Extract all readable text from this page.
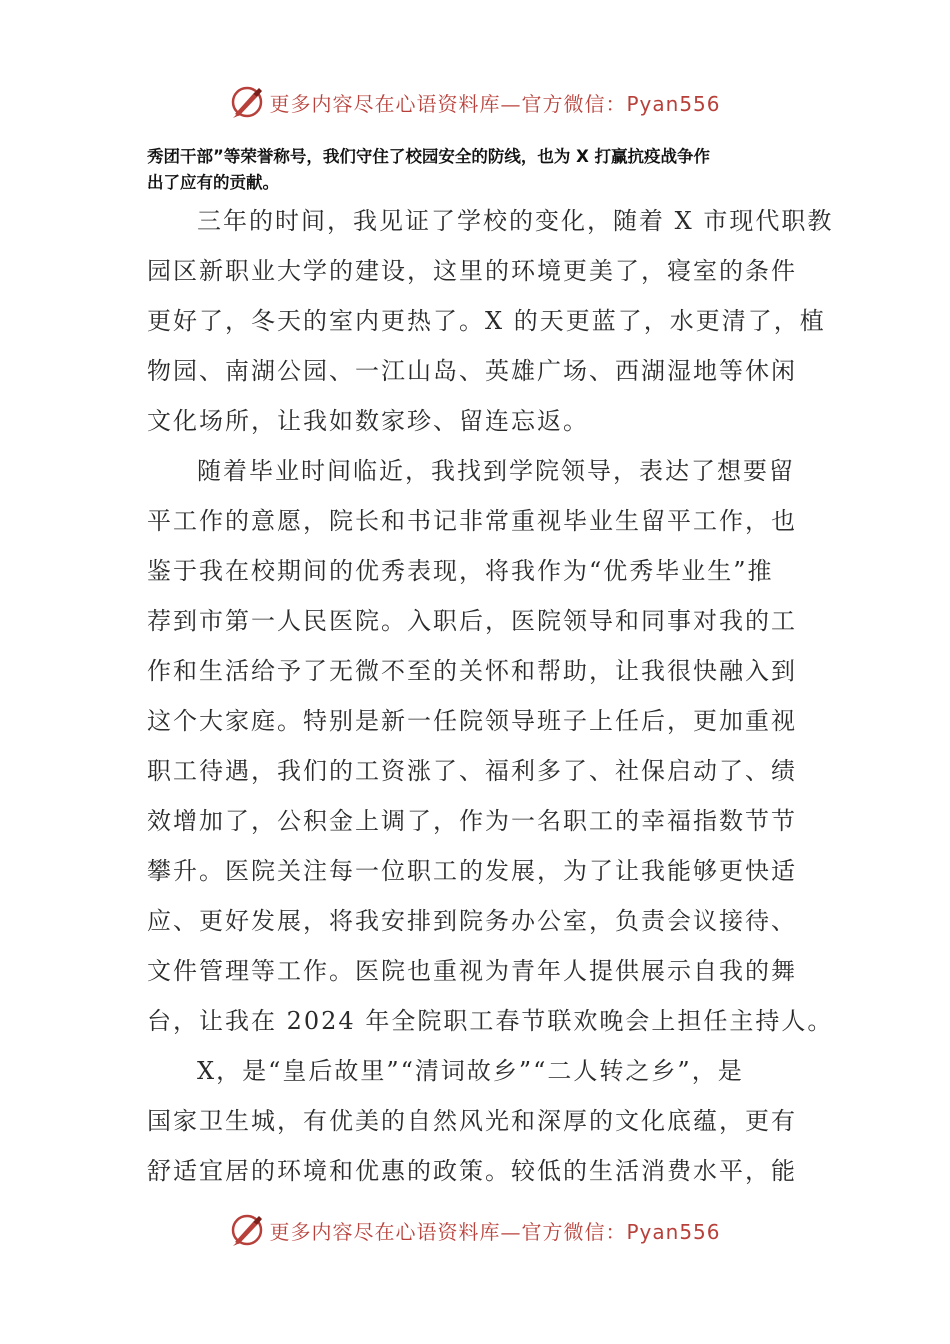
更多内容尽在心语资料库—官方微信：Pyan556
秀团干部”等荣誉称号，我们守住了校园安全的防线，也为 X 打赢抗疫战争作
出了应有的贡献。

三年的时间，我见证了学校的变化，随着 X 市现代职教
园区新职业大学的建设，这里的环境更美了，寝室的条件
更好了，冬天的室内更热了。X 的天更蓝了，水更清了，植
物园、南湖公园、一江山岛、英雄广场、西湖湿地等休闲
文化场所，让我如数家珍、留连忘返。

随着毕业时间临近，我找到学院领导，表达了想要留
平工作的意愿，院长和书记非常重视毕业生留平工作，也
鉴于我在校期间的优秀表现，将我作为“优秀毕业生”推
荐到市第一人民医院。入职后，医院领导和同事对我的工
作和生活给予了无微不至的关怀和帮助，让我很快融入到
这个大家庭。特别是新一任院领导班子上任后，更加重视
职工待遇，我们的工资涨了、福利多了、社保启动了、绩
效增加了，公积金上调了，作为一名职工的幸福指数节节
攀升。医院关注每一位职工的发展，为了让我能够更快适
应、更好发展，将我安排到院务办公室，负责会议接待、
文件管理等工作。医院也重视为青年人提供展示自我的舞
台，让我在 2024 年全院职工春节联欢晚会上担任主持人。

X，是“皇后故里”“清词故乡”“二人转之乡”，是
国家卫生城，有优美的自然风光和深厚的文化底蕴，更有
舒适宜居的环境和优惠的政策。较低的生活消费水平，能

更多内容尽在心语资料库—官方微信：Pyan556
